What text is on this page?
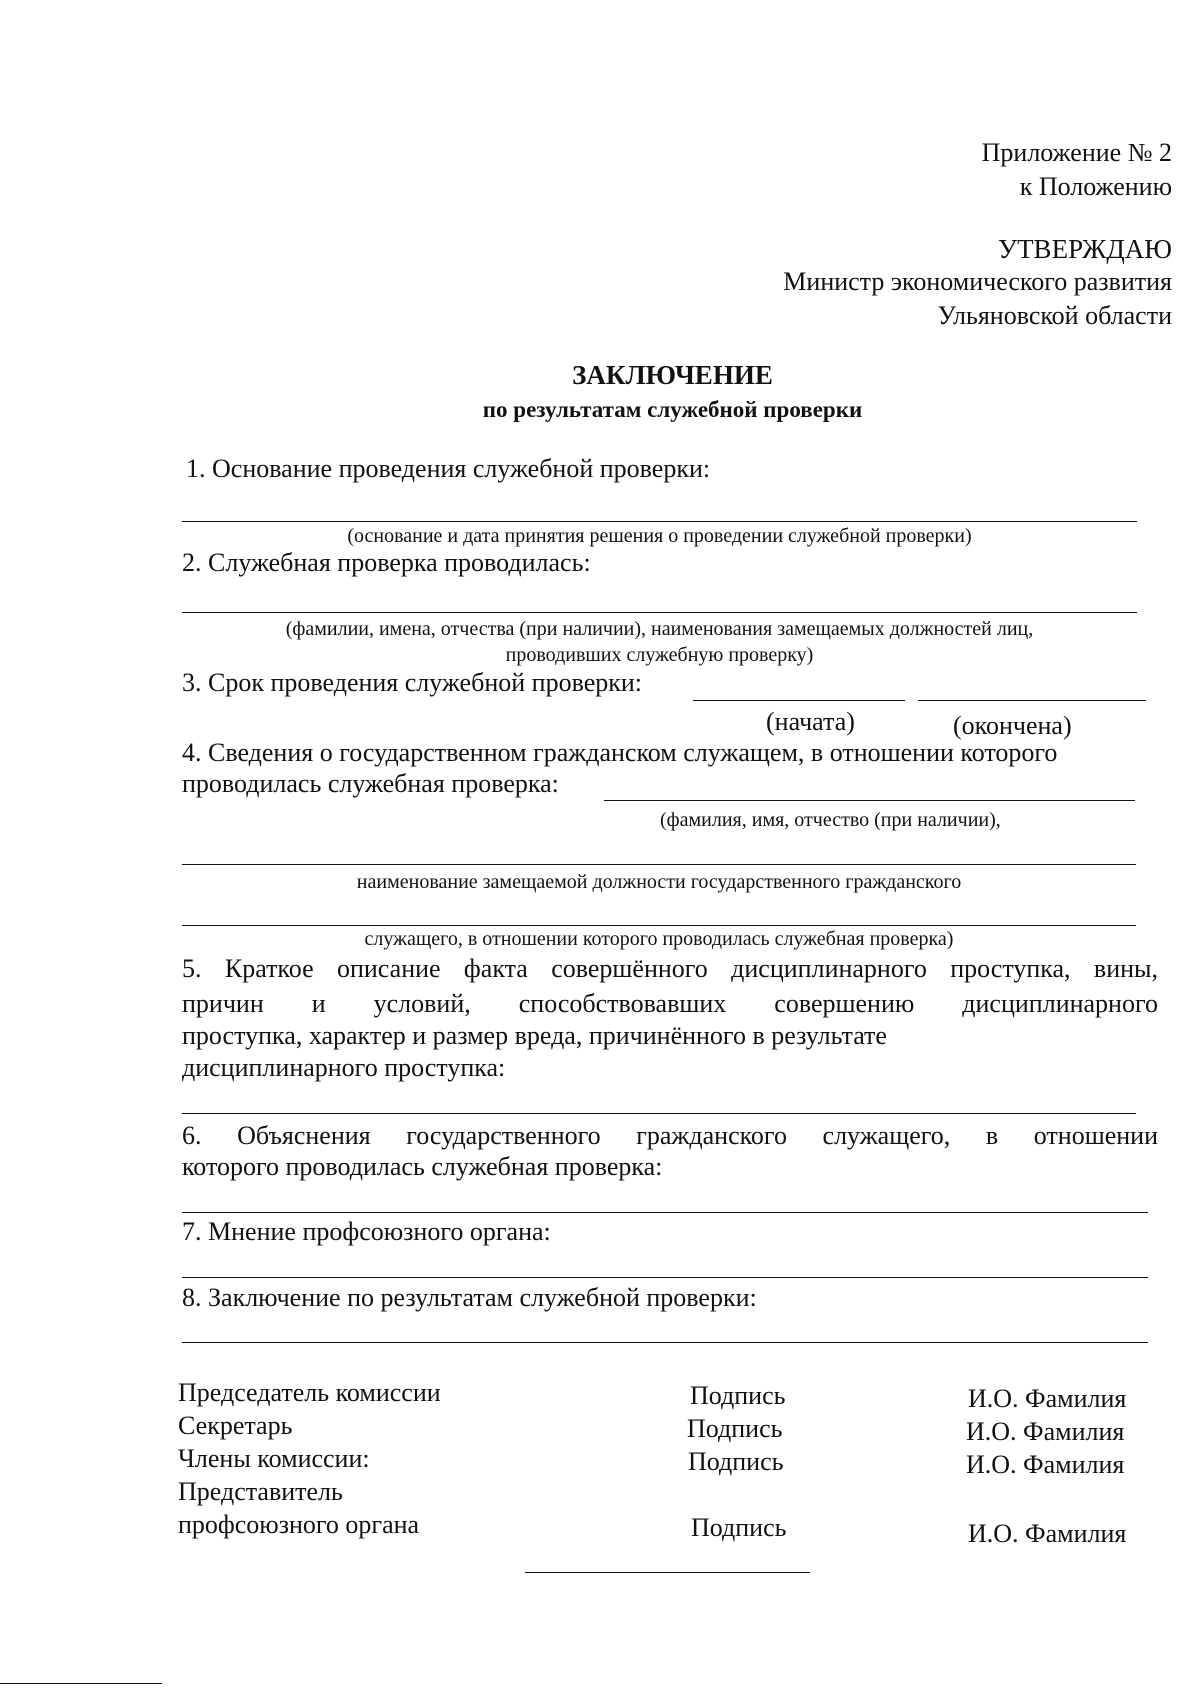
Приложение № 2
к Положению
УТВЕРЖДАЮ
Министр экономического развития
Ульяновской области
ЗАКЛЮЧЕНИЕ
по результатам служебной проверки
1. Основание проведения служебной проверки:
(основание и дата принятия решения о проведении служебной проверки)
2. Служебная проверка проводилась:
(фамилии, имена, отчества (при наличии), наименования замещаемых должностей лиц,
проводивших служебную проверку)
3. Срок проведения служебной проверки:
(начата)	(окончена)
4. Сведения о государственном гражданском служащем, в отношении которого
проводилась служебная проверка:
(фамилия, имя, отчество (при наличии),
наименование замещаемой должности государственного гражданского
служащего, в отношении которого проводилась служебная проверка)
5. Краткое описание факта совершённого дисциплинарного проступка, вины,
причин и условий, способствовавших совершению дисциплинарного
проступка, характер и размер вреда, причинённого в результате
дисциплинарного проступка:
6. Объяснения государственного гражданского служащего, в отношении
которого проводилась служебная проверка:
7. Мнение профсоюзного органа:
8. Заключение по результатам служебной проверки:
Председатель комиссии	Подпись	И.О. Фамилия
Секретарь	Подпись	И.О. Фамилия
Члены комиссии:	Подпись	И.О. Фамилия
Представитель
профсоюзного органа	Подпись	И.О. Фамилия
